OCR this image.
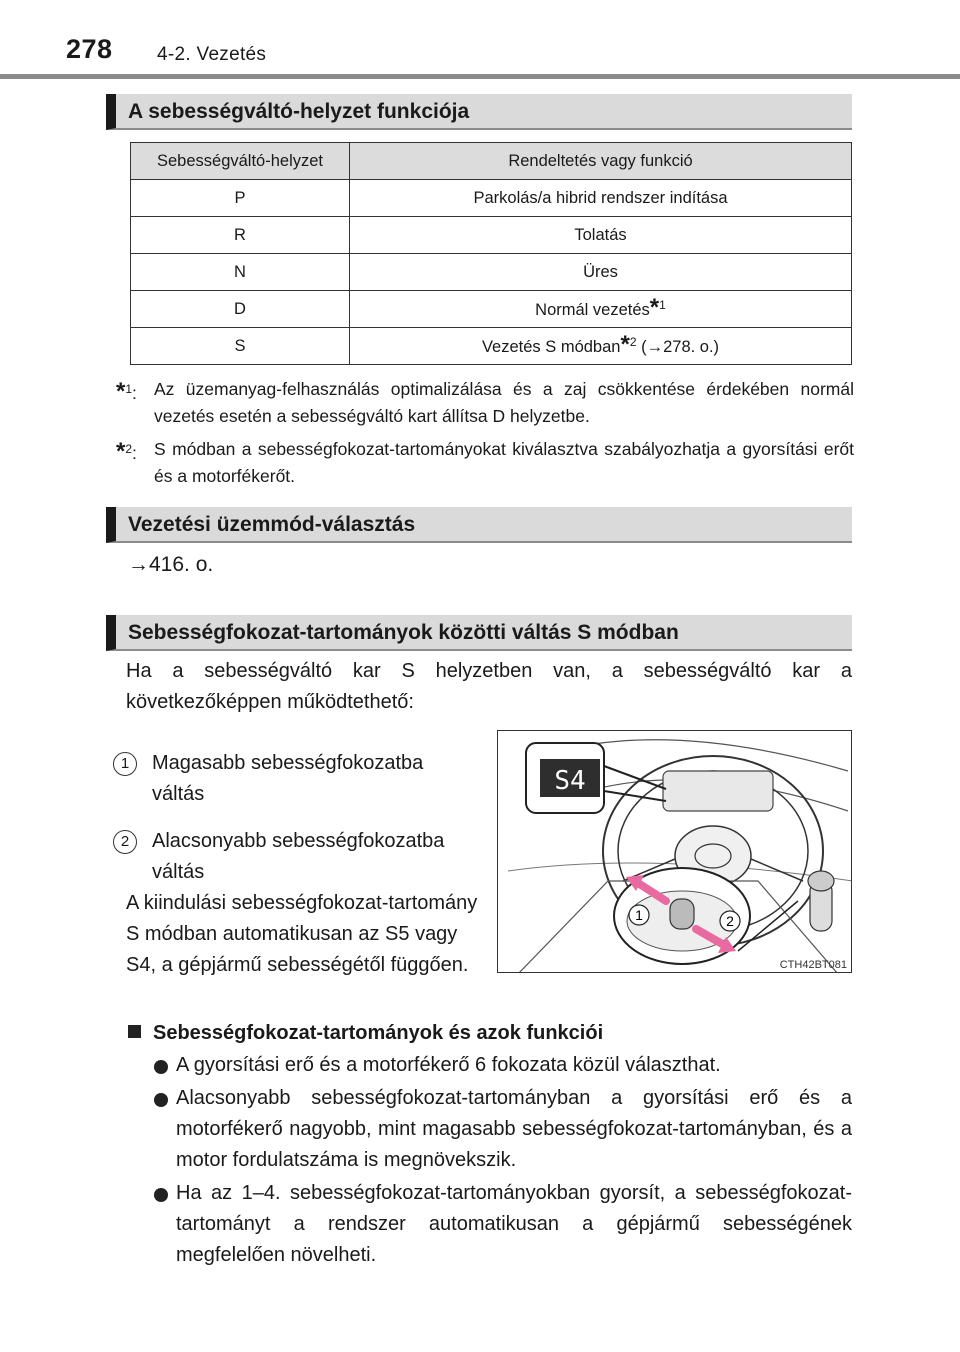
278 4-2. Vezetés
A sebességváltó-helyzet funkciója
Sebességváltó-helyzet	Rendeltetés vagy funkció
P	Parkolás/a hibrid rendszer indítása
R	Tolatás
N	Üres
D	Normál vezetés*$^1$
S	Vezetés S módban*$^2$ (→278. o.)
*$^1$: Az üzemanyag-felhasználás optimalizálása és a zaj csökkentése érdekében normál vezetés esetén a sebességváltó kart állítsa D helyzetbe.
*$^2$: S módban a sebességfokozat-tartományokat kiválasztva szabályozhatja a gyorsítási erőt és a motorfékerőt.
Vezetési üzemmód-választás
→416. o.
Sebességfokozat-tartományok közötti váltás S módban
Ha a sebességváltó kar S helyzetben van, a sebességváltó kar a következőképpen működtethető:
1	Magasabb sebességfokozatba váltás
2	Alacsonyabb sebességfokozatba váltás
A kiindulási sebességfokozat-tartomány S módban automatikusan az S5 vagy S4, a gépjármű sebességétől függően.
S4
1	2
CTH42BT081
Sebességfokozat-tartományok és azok funkciói
A gyorsítási erő és a motorfékerő 6 fokozata közül választhat.
Alacsonyabb sebességfokozat-tartományban a gyorsítási erő és a motorfékerő nagyobb, mint magasabb sebességfokozat-tartományban, és a motor fordulatszáma is megnövekszik.
Ha az 1–4. sebességfokozat-tartományokban gyorsít, a sebességfokozat-tartományt a rendszer automatikusan a gépjármű sebességének megfelelően növelheti.
